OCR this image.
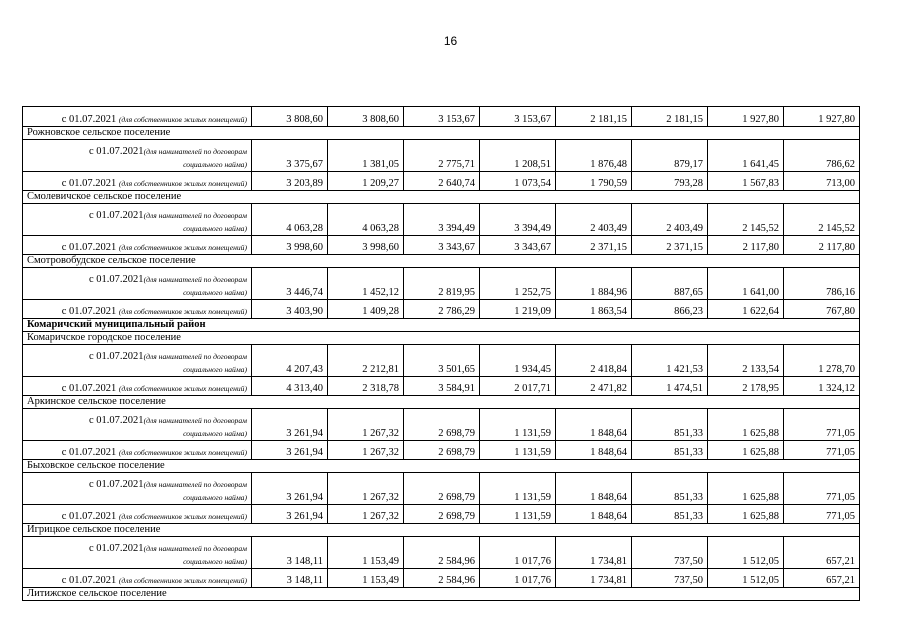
16
с 01.07.2021 (для собственников жилых помещений)	3 808,60	3 808,60	3 153,67	3 153,67	2 181,15	2 181,15	1 927,80	1 927,80
Рожновское сельское поселение								
с 01.07.2021(для нанимателей по договорам
социального найма)	3 375,67	1 381,05	2 775,71	1 208,51	1 876,48	879,17	1 641,45	786,62
с 01.07.2021 (для собственников жилых помещений)	3 203,89	1 209,27	2 640,74	1 073,54	1 790,59	793,28	1 567,83	713,00
Смолевичское сельское поселение								
с 01.07.2021(для нанимателей по договорам
социального найма)	4 063,28	4 063,28	3 394,49	3 394,49	2 403,49	2 403,49	2 145,52	2 145,52
с 01.07.2021 (для собственников жилых помещений)	3 998,60	3 998,60	3 343,67	3 343,67	2 371,15	2 371,15	2 117,80	2 117,80
Смотровобудское сельское поселение								
с 01.07.2021(для нанимателей по договорам
социального найма)	3 446,74	1 452,12	2 819,95	1 252,75	1 884,96	887,65	1 641,00	786,16
с 01.07.2021 (для собственников жилых помещений)	3 403,90	1 409,28	2 786,29	1 219,09	1 863,54	866,23	1 622,64	767,80
Комаричский муниципальный район								
Комаричское городское поселение								
с 01.07.2021(для нанимателей по договорам
социального найма)	4 207,43	2 212,81	3 501,65	1 934,45	2 418,84	1 421,53	2 133,54	1 278,70
с 01.07.2021 (для собственников жилых помещений)	4 313,40	2 318,78	3 584,91	2 017,71	2 471,82	1 474,51	2 178,95	1 324,12
Аркинское сельское поселение								
с 01.07.2021(для нанимателей по договорам
социального найма)	3 261,94	1 267,32	2 698,79	1 131,59	1 848,64	851,33	1 625,88	771,05
с 01.07.2021 (для собственников жилых помещений)	3 261,94	1 267,32	2 698,79	1 131,59	1 848,64	851,33	1 625,88	771,05
Быховское сельское поселение								
с 01.07.2021(для нанимателей по договорам
социального найма)	3 261,94	1 267,32	2 698,79	1 131,59	1 848,64	851,33	1 625,88	771,05
с 01.07.2021 (для собственников жилых помещений)	3 261,94	1 267,32	2 698,79	1 131,59	1 848,64	851,33	1 625,88	771,05
Игрицкое сельское поселение								
с 01.07.2021(для нанимателей по договорам
социального найма)	3 148,11	1 153,49	2 584,96	1 017,76	1 734,81	737,50	1 512,05	657,21
с 01.07.2021 (для собственников жилых помещений)	3 148,11	1 153,49	2 584,96	1 017,76	1 734,81	737,50	1 512,05	657,21
Литижское сельское поселение								
